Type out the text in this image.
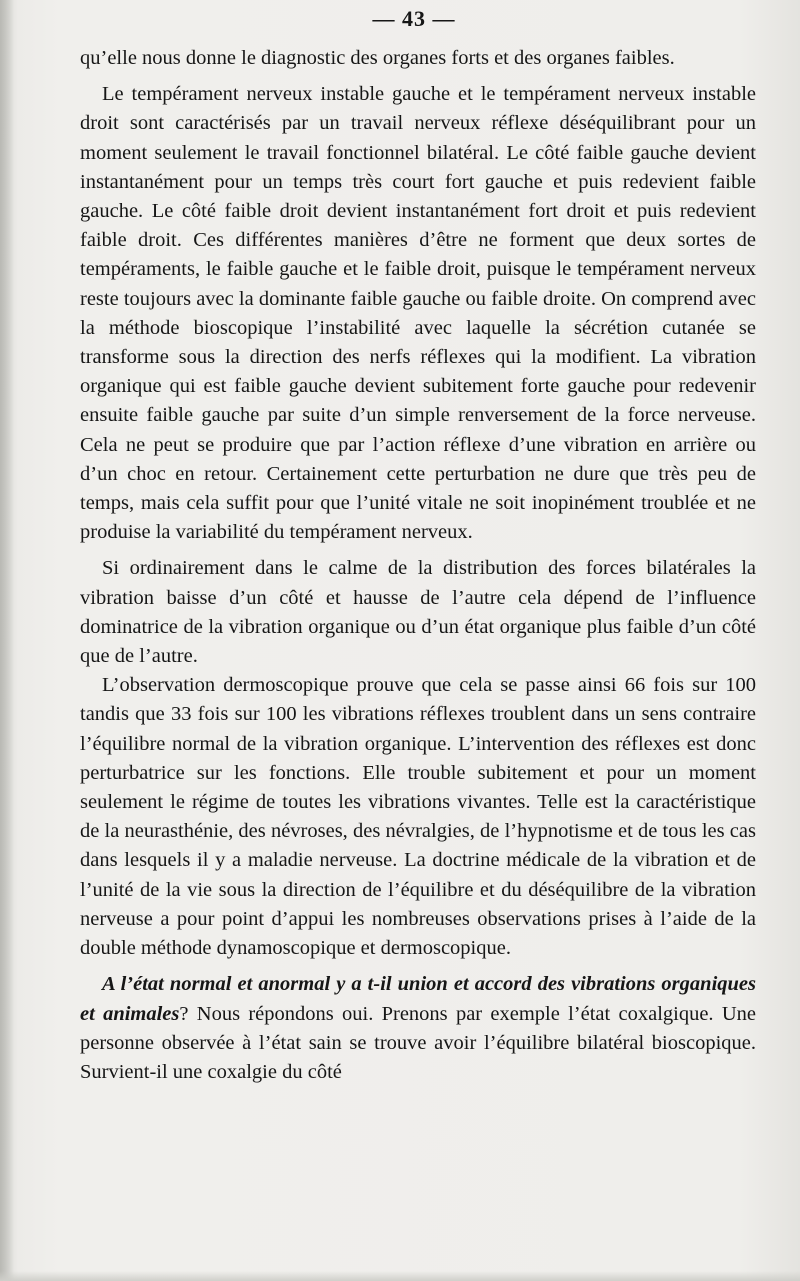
— 43 —

qu’elle nous donne le diagnostic des organes forts et des organes faibles.

Le tempérament nerveux instable gauche et le tempérament nerveux instable droit sont caractérisés par un travail nerveux réflexe déséquilibrant pour un moment seulement le travail fonctionnel bilatéral. Le côté faible gauche devient instantanément pour un temps très court fort gauche et puis redevient faible gauche. Le côté faible droit devient instantanément fort droit et puis redevient faible droit. Ces différentes manières d’être ne forment que deux sortes de tempéraments, le faible gauche et le faible droit, puisque le tempérament nerveux reste toujours avec la dominante faible gauche ou faible droite. On comprend avec la méthode bioscopique l’instabilité avec laquelle la sécrétion cutanée se transforme sous la direction des nerfs réflexes qui la modifient. La vibration organique qui est faible gauche devient subitement forte gauche pour redevenir ensuite faible gauche par suite d’un simple renversement de la force nerveuse. Cela ne peut se produire que par l’action réflexe d’une vibration en arrière ou d’un choc en retour. Certainement cette perturbation ne dure que très peu de temps, mais cela suffit pour que l’unité vitale ne soit inopinément troublée et ne produise la variabilité du tempérament nerveux.

Si ordinairement dans le calme de la distribution des forces bilatérales la vibration baisse d’un côté et hausse de l’autre cela dépend de l’influence dominatrice de la vibration organique ou d’un état organique plus faible d’un côté que de l’autre.

L’observation dermoscopique prouve que cela se passe ainsi 66 fois sur 100 tandis que 33 fois sur 100 les vibrations réflexes troublent dans un sens contraire l’équilibre normal de la vibration organique. L’intervention des réflexes est donc perturbatrice sur les fonctions. Elle trouble subitement et pour un moment seulement le régime de toutes les vibrations vivantes. Telle est la caractéristique de la neurasthénie, des névroses, des névralgies, de l’hypnotisme et de tous les cas dans lesquels il y a maladie nerveuse. La doctrine médicale de la vibration et de l’unité de la vie sous la direction de l’équilibre et du déséquilibre de la vibration nerveuse a pour point d’appui les nombreuses observations prises à l’aide de la double méthode dynamoscopique et dermoscopique.

A l’état normal et anormal y a t-il union et accord des vibrations organiques et animales? Nous répondons oui. Prenons par exemple l’état coxalgique. Une personne observée à l’état sain se trouve avoir l’équilibre bilatéral bioscopique. Survient-il une coxalgie du côté
